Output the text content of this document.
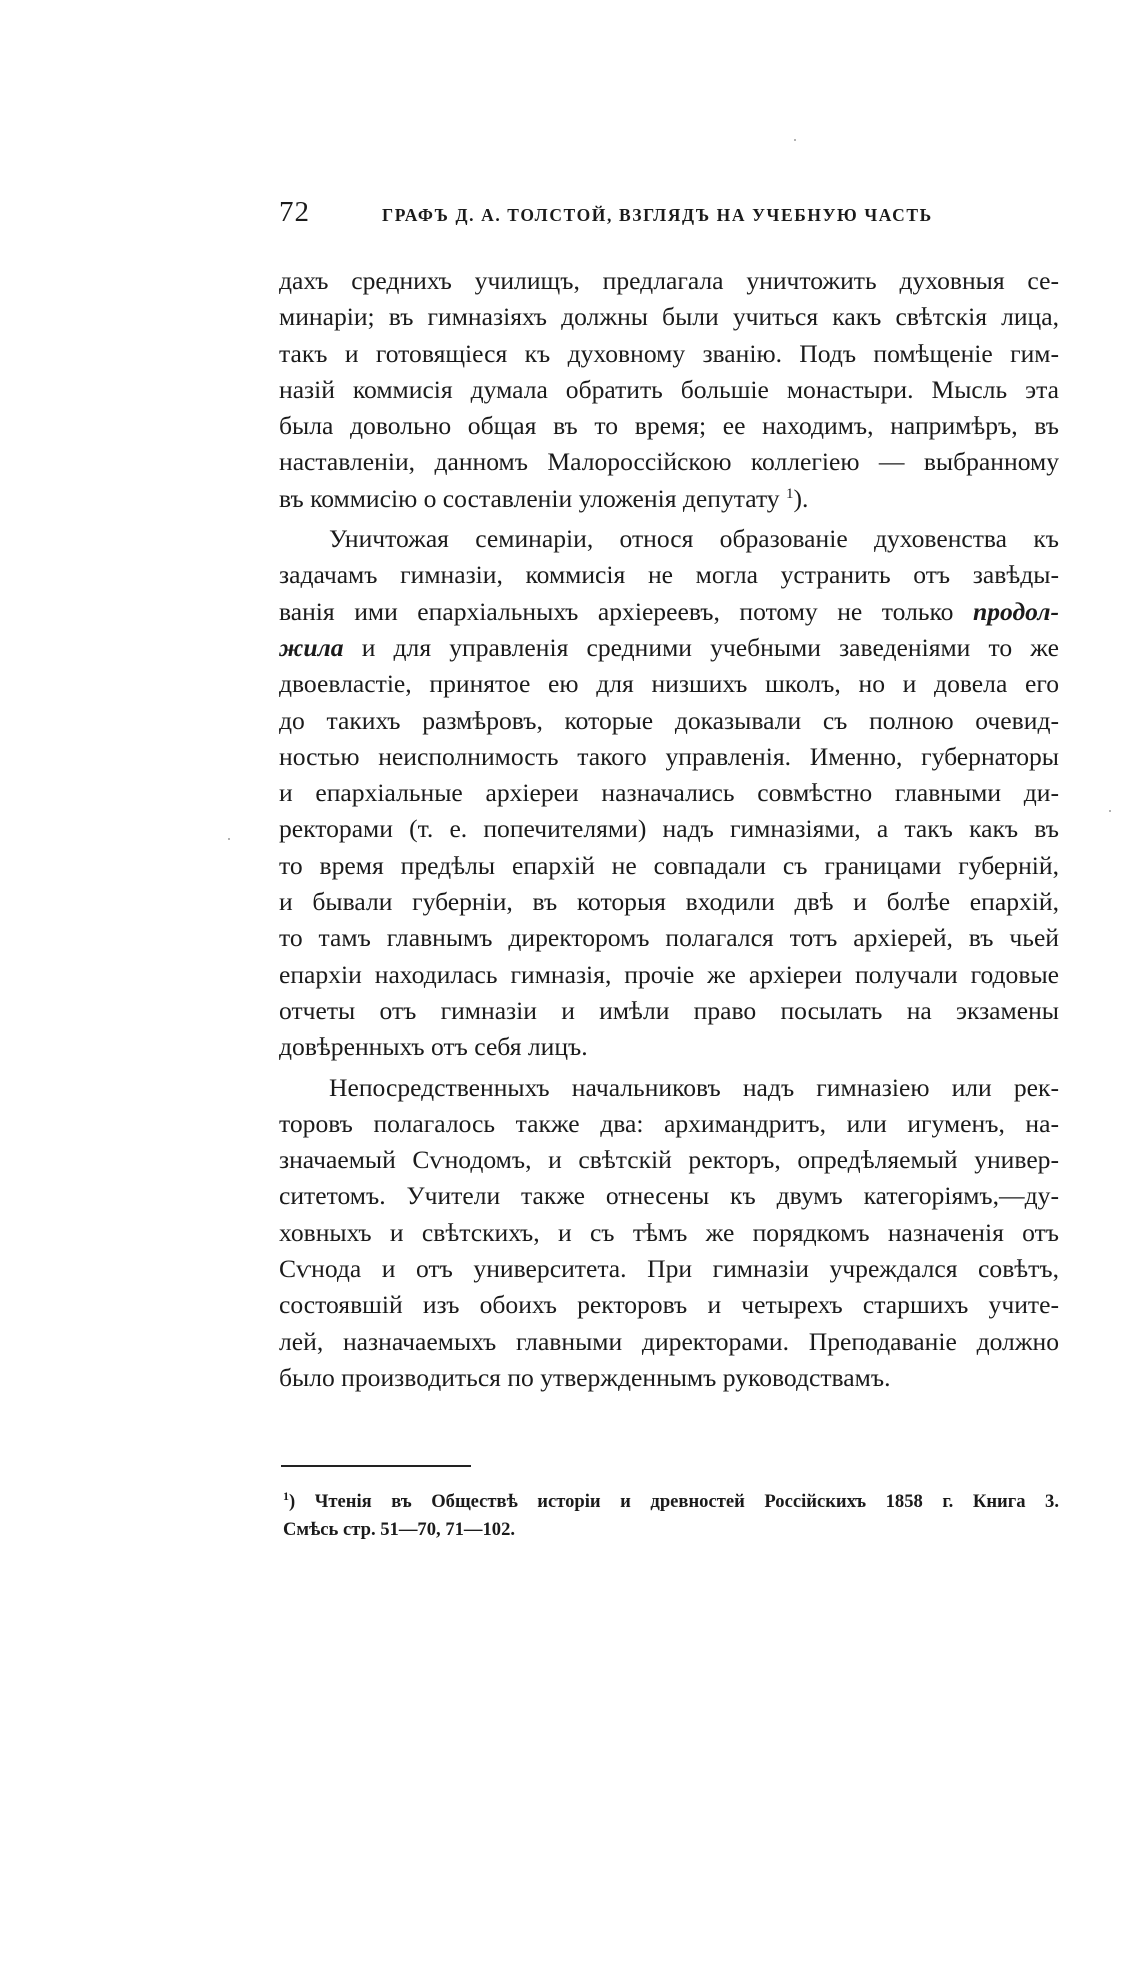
72	ГРАФЪ Д. А. ТОЛСТОЙ, ВЗГЛЯДЪ НА УЧЕБНУЮ ЧАСТЬ
дахъ среднихъ училищъ, предлагала уничтожить духовныя се-
минаріи; въ гимназіяхъ должны были учиться какъ свѣтскія лица,
такъ и готовящіеся къ духовному званію. Подъ помѣщеніе гим-
назій коммисія думала обратить большіе монастыри. Мысль эта
была довольно общая въ то время; ее находимъ, напримѣръ, въ
наставленіи, данномъ Малороссійскою коллегіею — выбранному
въ коммисію о составленіи уложенія депутату $^1$).
Уничтожая семинаріи, относя образованіе духовенства къ
задачамъ гимназіи, коммисія не могла устранить отъ завѣды-
ванія ими епархіальныхъ архіереевъ, потому не только продол-
жила и для управленія средними учебными заведеніями то же
двоевластіе, принятое ею для низшихъ школъ, но и довела его
до такихъ размѣровъ, которые доказывали съ полною очевид-
ностью неисполнимость такого управленія. Именно, губернаторы
и епархіальные архіереи назначались совмѣстно главными ди-
ректорами (т. е. попечителями) надъ гимназіями, а такъ какъ въ
то время предѣлы епархій не совпадали съ границами губерній,
и бывали губерніи, въ которыя входили двѣ и болѣе епархій,
то тамъ главнымъ директоромъ полагался тотъ архіерей, въ чьей
епархіи находилась гимназія, прочіе же архіереи получали годовые
отчеты отъ гимназіи и имѣли право посылать на экзамены
довѣренныхъ отъ себя лицъ.
Непосредственныхъ начальниковъ надъ гимназіею или рек-
торовъ полагалось также два: архимандритъ, или игуменъ, на-
значаемый Сѵнодомъ, и свѣтскій ректоръ, опредѣляемый универ-
ситетомъ. Учители также отнесены къ двумъ категоріямъ,—ду-
ховныхъ и свѣтскихъ, и съ тѣмъ же порядкомъ назначенія отъ
Сѵнода и отъ университета. При гимназіи учреждался совѣтъ,
состоявшій изъ обоихъ ректоровъ и четырехъ старшихъ учите-
лей, назначаемыхъ главными директорами. Преподаваніе должно
было производиться по утвержденнымъ руководствамъ.
$^1$) Чтенія въ Обществѣ исторіи и древностей Россійскихъ 1858 г. Книга 3.
Смѣсь стр. 51—70, 71—102.
